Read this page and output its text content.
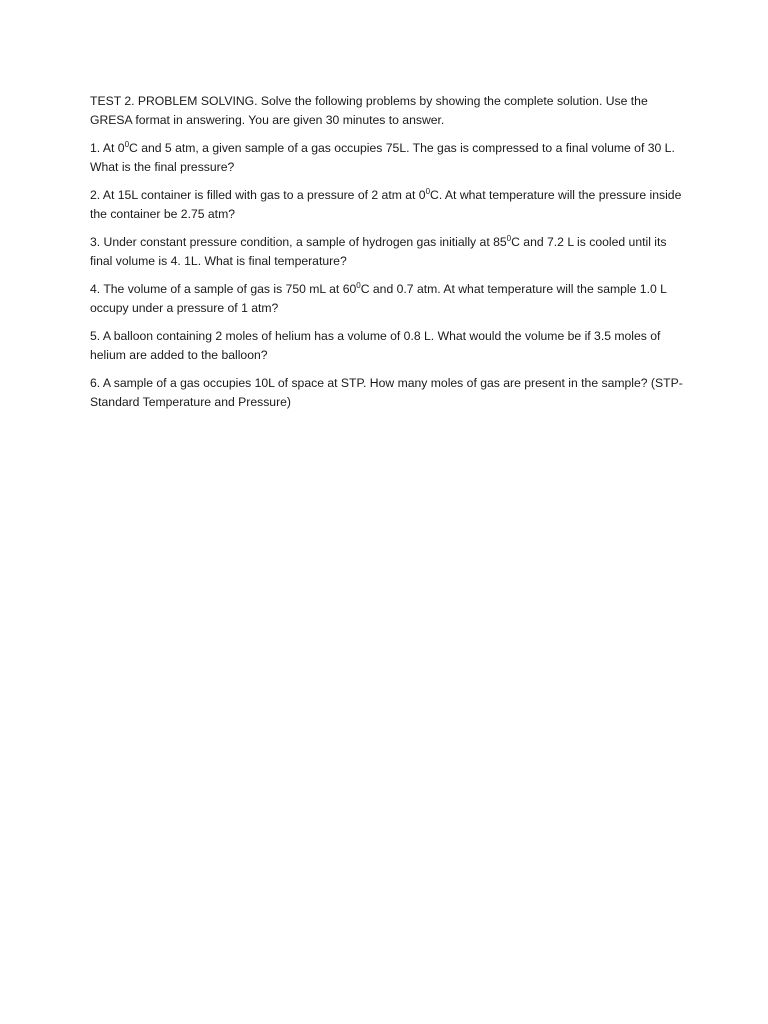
TEST 2. PROBLEM SOLVING. Solve the following problems by showing the complete solution. Use the GRESA format in answering. You are given 30 minutes to answer.

1. At $0^0C$ and 5 atm, a given sample of a gas occupies 75L. The gas is compressed to a final volume of 30 L. What is the final pressure?

2. At 15L container is filled with gas to a pressure of 2 atm at $0^0C$. At what temperature will the pressure inside the container be 2.75 atm?

3. Under constant pressure condition, a sample of hydrogen gas initially at $85^0C$ and 7.2 L is cooled until its final volume is 4. 1L. What is final temperature?

4. The volume of a sample of gas is 750 mL at $60^0C$ and 0.7 atm. At what temperature will the sample 1.0 L occupy under a pressure of 1 atm?

5. A balloon containing 2 moles of helium has a volume of 0.8 L. What would the volume be if 3.5 moles of helium are added to the balloon?

6. A sample of a gas occupies 10L of space at STP. How many moles of gas are present in the sample? (STP-Standard Temperature and Pressure)
